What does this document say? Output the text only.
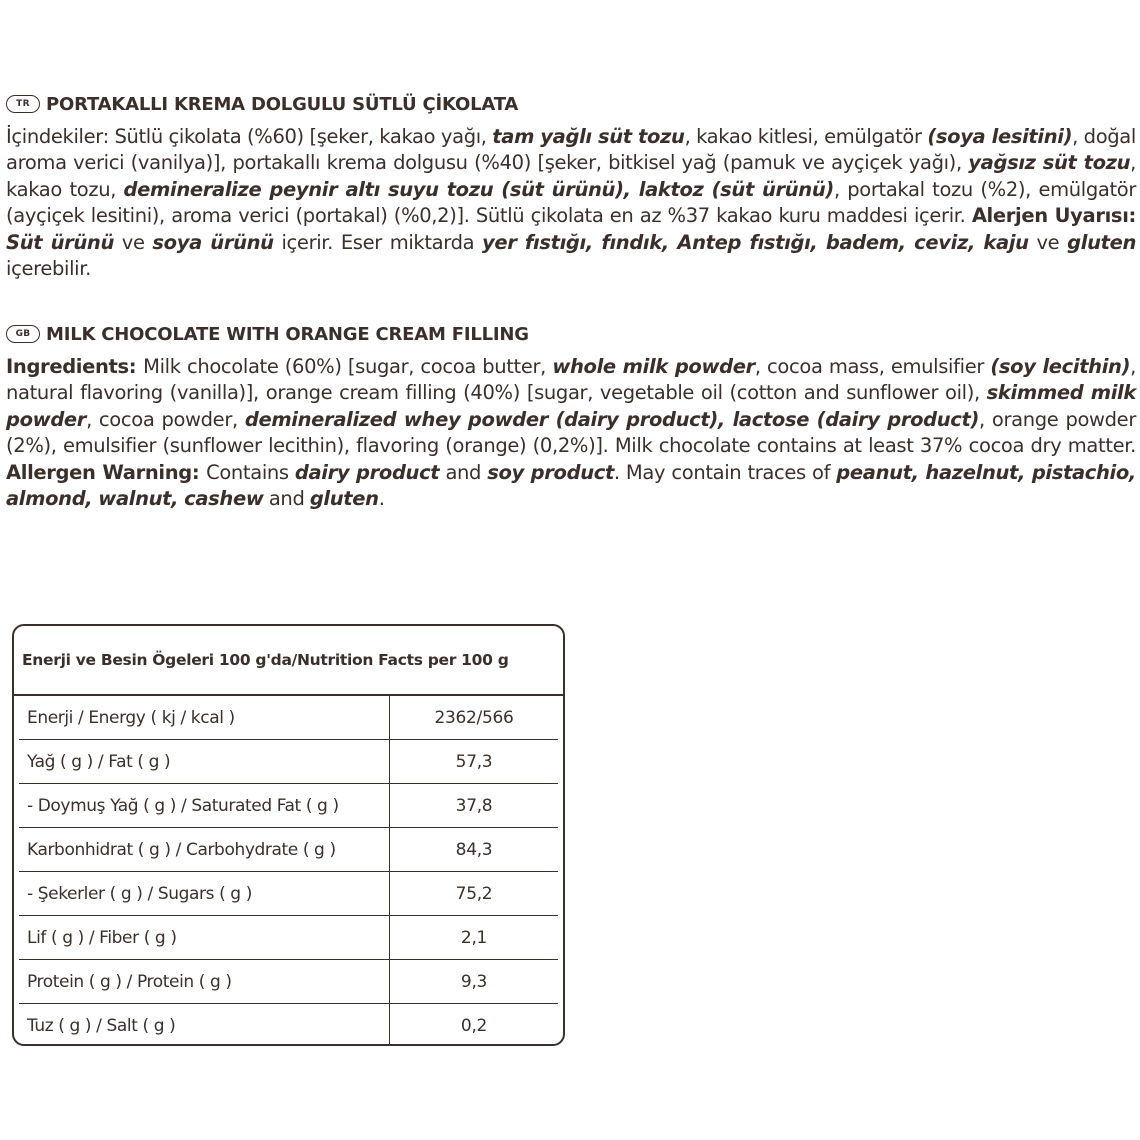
TR PORTAKALLI KREMA DOLGULU SÜTLÜ ÇİKOLATA

İçindekiler: Sütlü çikolata (%60) [şeker, kakao yağı, tam yağlı süt tozu, kakao kitlesi, emülgatör (soya lesitini), doğal aroma verici (vanilya)], portakallı krema dolgusu (%40) [şeker, bitkisel yağ (pamuk ve ayçiçek yağı), yağsız süt tozu, kakao tozu, demineralize peynir altı suyu tozu (süt ürünü), laktoz (süt ürünü), portakal tozu (%2), emülgatör (ayçiçek lesitini), aroma verici (portakal) (%0,2)]. Sütlü çikolata en az %37 kakao kuru maddesi içerir. Alerjen Uyarısı: Süt ürünü ve soya ürünü içerir. Eser miktarda yer fıstığı, fındık, Antep fıstığı, badem, ceviz, kaju ve gluten içerebilir.

GB MILK CHOCOLATE WITH ORANGE CREAM FILLING

Ingredients: Milk chocolate (60%) [sugar, cocoa butter, whole milk powder, cocoa mass, emulsifier (soy lecithin), natural flavoring (vanilla)], orange cream filling (40%) [sugar, vegetable oil (cotton and sunflower oil), skimmed milk powder, cocoa powder, demineralized whey powder (dairy product), lactose (dairy product), orange powder (2%), emulsifier (sunflower lecithin), flavoring (orange) (0,2%)]. Milk chocolate contains at least 37% cocoa dry matter. Allergen Warning: Contains dairy product and soy product. May contain traces of peanut, hazelnut, pistachio, almond, walnut, cashew and gluten.

Enerji ve Besin Ögeleri 100 g'da/Nutrition Facts per 100 g
Enerji / Energy ( kj / kcal )	2362/566
Yağ ( g ) / Fat ( g )	57,3
- Doymuş Yağ ( g ) / Saturated Fat ( g )	37,8
Karbonhidrat ( g ) / Carbohydrate ( g )	84,3
- Şekerler ( g ) / Sugars ( g )	75,2
Lif ( g ) / Fiber ( g )	2,1
Protein ( g ) / Protein ( g )	9,3
Tuz ( g ) / Salt ( g )	0,2
